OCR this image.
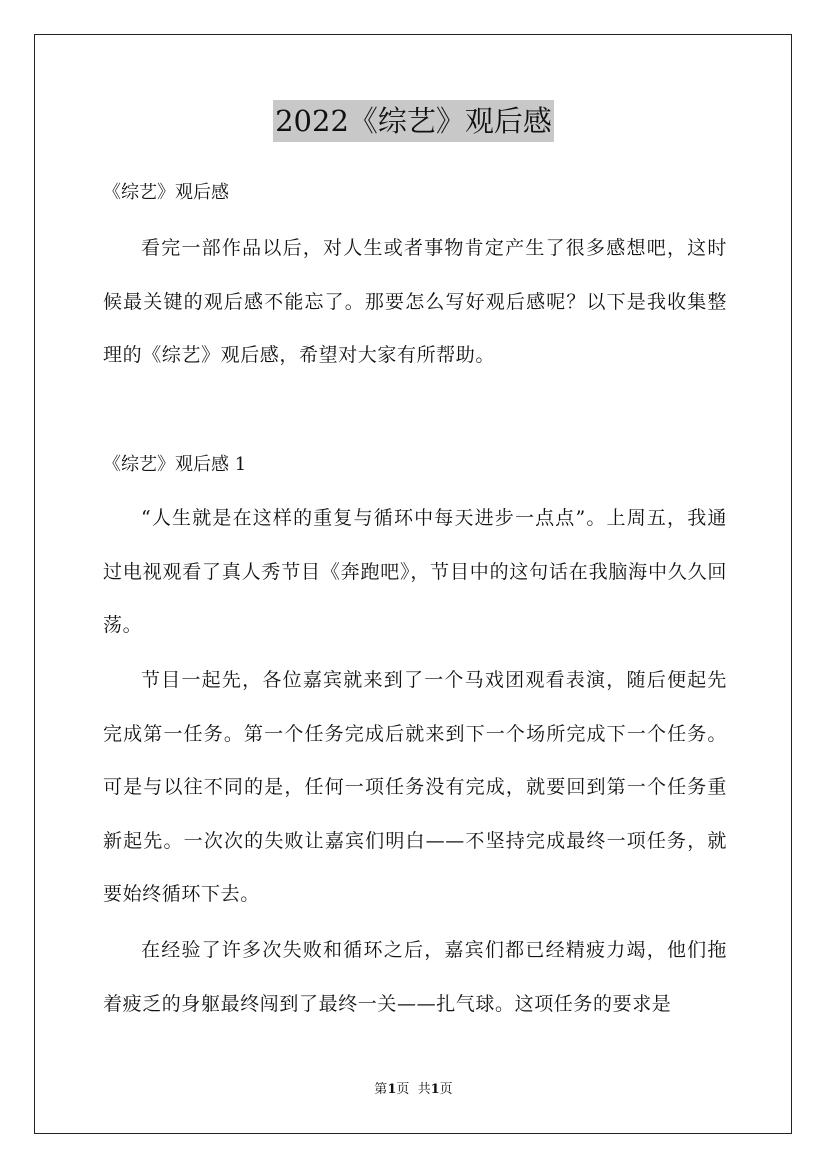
2022《综艺》观后感
《综艺》观后感
看完一部作品以后，对人生或者事物肯定产生了很多感想吧，这时候最关键的观后感不能忘了。那要怎么写好观后感呢？以下是我收集整理的《综艺》观后感，希望对大家有所帮助。
《综艺》观后感 1
“人生就是在这样的重复与循环中每天进步一点点”。上周五，我通过电视观看了真人秀节目《奔跑吧》，节目中的这句话在我脑海中久久回荡。
节目一起先，各位嘉宾就来到了一个马戏团观看表演，随后便起先完成第一任务。第一个任务完成后就来到下一个场所完成下一个任务。可是与以往不同的是，任何一项任务没有完成，就要回到第一个任务重新起先。一次次的失败让嘉宾们明白——不坚持完成最终一项任务，就要始终循环下去。
在经验了许多次失败和循环之后，嘉宾们都已经精疲力竭，他们拖着疲乏的身躯最终闯到了最终一关——扎气球。这项任务的要求是
第1页  共1页
